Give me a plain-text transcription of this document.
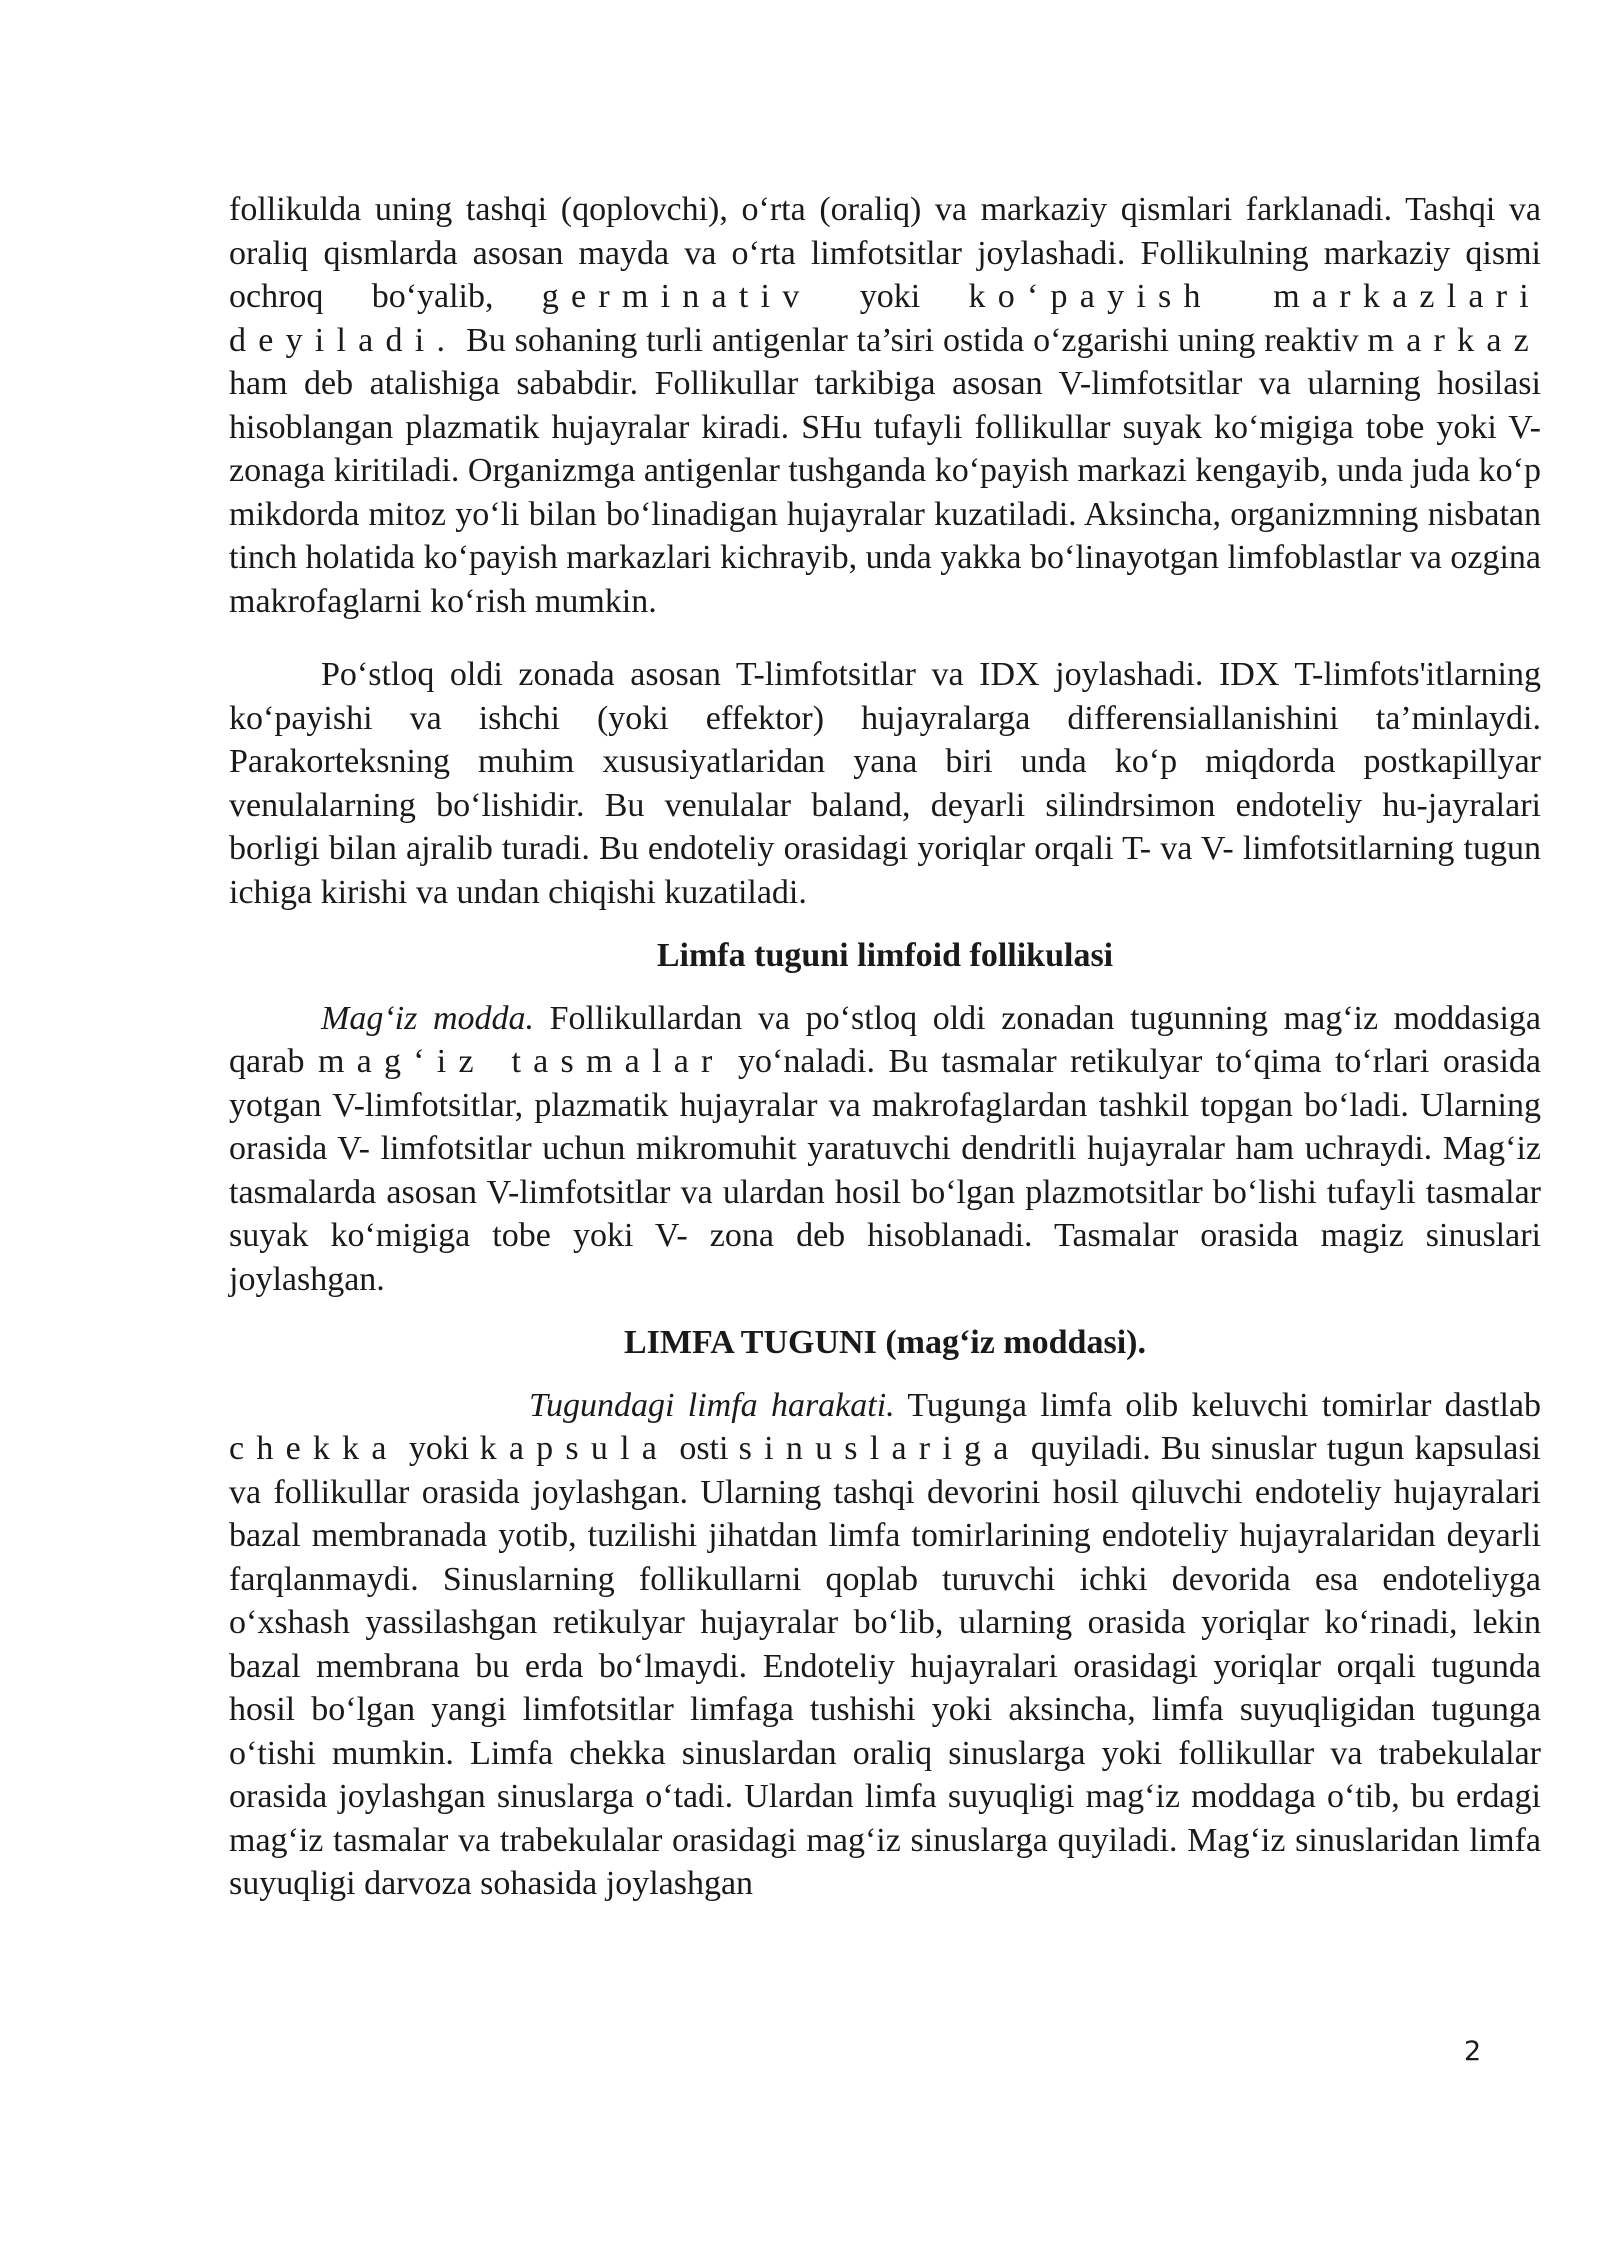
follikulda uning tashqi (qoplovchi), o‘rta (oraliq) va markaziy qismlari farklanadi. Tashqi va oraliq qismlarda asosan mayda va o‘rta limfotsitlar joylashadi. Follikulning markaziy qismi ochroq bo‘yalib, germinativ yoki ko‘payish markazlari deyiladi. Bu sohaning turli antigenlar ta’siri ostida o‘zgarishi uning reaktiv markaz ham deb atalishiga sababdir. Follikullar tarkibiga asosan V-limfotsitlar va ularning hosilasi hisoblangan plazmatik hujayralar kiradi. SHu tufayli follikullar suyak ko‘migiga tobe yoki V-zonaga kiritiladi. Organizmga antigenlar tushganda ko‘payish markazi kengayib, unda juda ko‘p mikdorda mitoz yo‘li bilan bo‘linadigan hujayralar kuzatiladi. Aksincha, organizmning nisbatan tinch holatida ko‘payish markazlari kichrayib, unda yakka bo‘linayotgan limfoblastlar va ozgina makrofaglarni ko‘rish mumkin.

Po‘stloq oldi zonada asosan T-limfotsitlar va IDX joylashadi. IDX T-limfots'itlarning ko‘payishi va ishchi (yoki effektor) hujayralarga differensiallanishini ta’minlaydi. Parakorteksning muhim xususiyatlaridan yana biri unda ko‘p miqdorda postkapillyar venulalarning bo‘lishidir. Bu venulalar baland, deyarli silindrsimon endoteliy hu-jayralari borligi bilan ajralib turadi. Bu endoteliy orasidagi yoriqlar orqali T- va V- limfotsitlarning tugun ichiga kirishi va undan chiqishi kuzatiladi.

Limfa tuguni limfoid follikulasi

Mag‘iz modda. Follikullardan va po‘stloq oldi zonadan tugunning mag‘iz moddasiga qarab mag‘iz tasmalar yo‘naladi. Bu tasmalar retikulyar to‘qima to‘rlari orasida yotgan V-limfotsitlar, plazmatik hujayralar va makrofaglardan tashkil topgan bo‘ladi. Ularning orasida V- limfotsitlar uchun mikromuhit yaratuvchi dendritli hujayralar ham uchraydi. Mag‘iz tasmalarda asosan V-limfotsitlar va ulardan hosil bo‘lgan plazmotsitlar bo‘lishi tufayli tasmalar suyak ko‘migiga tobe yoki V- zona deb hisoblanadi. Tasmalar orasida magiz sinuslari joylashgan.

LIMFA TUGUNI (mag‘iz moddasi).

Tugundagi limfa harakati. Tugunga limfa olib keluvchi tomirlar dastlab chekka yoki kapsula osti sinuslariga quyiladi. Bu sinuslar tugun kapsulasi va follikullar orasida joylashgan. Ularning tashqi devorini hosil qiluvchi endoteliy hujayralari bazal membranada yotib, tuzilishi jihatdan limfa tomirlarining endoteliy hujayralaridan deyarli farqlanmaydi. Sinuslarning follikullarni qoplab turuvchi ichki devorida esa endoteliyga o‘xshash yassilashgan retikulyar hujayralar bo‘lib, ularning orasida yoriqlar ko‘rinadi, lekin bazal membrana bu erda bo‘lmaydi. Endoteliy hujayralari orasidagi yoriqlar orqali tugunda hosil bo‘lgan yangi limfotsitlar limfaga tushishi yoki aksincha, limfa suyuqligidan tugunga o‘tishi mumkin. Limfa chekka sinuslardan oraliq sinuslarga yoki follikullar va trabekulalar orasida joylashgan sinuslarga o‘tadi. Ulardan limfa suyuqligi mag‘iz moddaga o‘tib, bu erdagi mag‘iz tasmalar va trabekulalar orasidagi mag‘iz sinuslarga quyiladi. Mag‘iz sinuslaridan limfa suyuqligi darvoza sohasida joylashgan

2
